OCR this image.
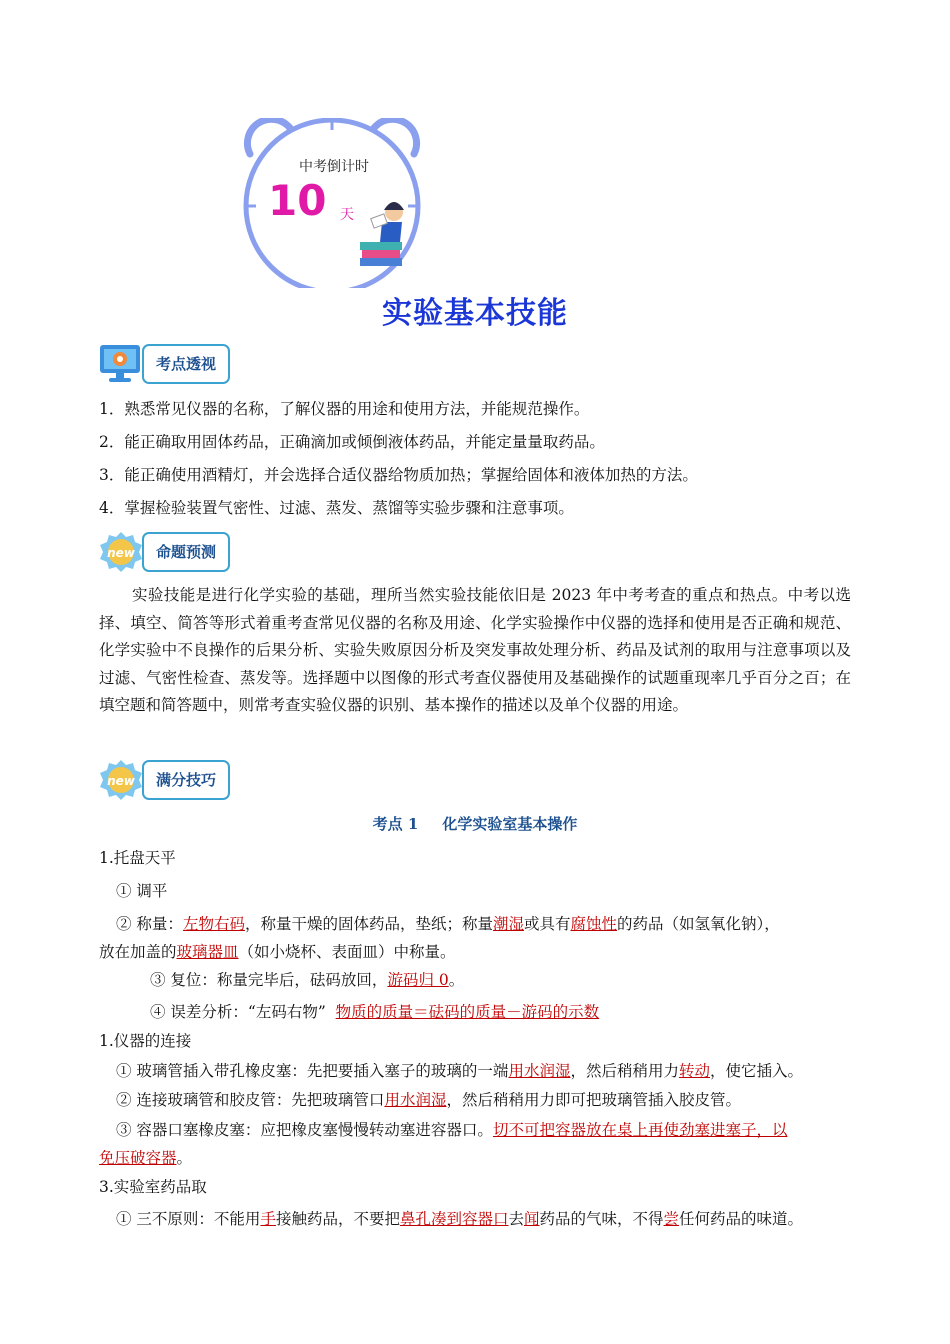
中考倒计时
10 天
实验基本技能
考点透视
1．熟悉常见仪器的名称，了解仪器的用途和使用方法，并能规范操作。
2．能正确取用固体药品，正确滴加或倾倒液体药品，并能定量量取药品。
3．能正确使用酒精灯，并会选择合适仪器给物质加热；掌握给固体和液体加热的方法。
4．掌握检验装置气密性、过滤、蒸发、蒸馏等实验步骤和注意事项。
new	命题预测
实验技能是进行化学实验的基础，理所当然实验技能依旧是 2023 年中考考查的重点和热点。中考以选择、填空、简答等形式着重考查常见仪器的名称及用途、化学实验操作中仪器的选择和使用是否正确和规范、化学实验中不良操作的后果分析、实验失败原因分析及突发事故处理分析、药品及试剂的取用与注意事项以及过滤、气密性检查、蒸发等。选择题中以图像的形式考查仪器使用及基础操作的试题重现率几乎百分之百；在填空题和简答题中，则常考查实验仪器的识别、基本操作的描述以及单个仪器的用途。
new	满分技巧
考点 1 化学实验室基本操作
1.托盘天平
① 调平
② 称量：左物右码，称量干燥的固体药品，垫纸；称量潮湿或具有腐蚀性的药品（如氢氧化钠），
放在加盖的玻璃器皿（如小烧杯、表面皿）中称量。
③ 复位：称量完毕后，砝码放回，游码归 0。
④ 误差分析：“左码右物” 物质的质量＝砝码的质量－游码的示数
1.仪器的连接
① 玻璃管插入带孔橡皮塞：先把要插入塞子的玻璃的一端用水润湿，然后稍稍用力转动，使它插入。
② 连接玻璃管和胶皮管：先把玻璃管口用水润湿，然后稍稍用力即可把玻璃管插入胶皮管。
③ 容器口塞橡皮塞：应把橡皮塞慢慢转动塞进容器口。切不可把容器放在桌上再使劲塞进塞子，以
免压破容器。
3.实验室药品取
① 三不原则：不能用手接触药品，不要把鼻孔凑到容器口去闻药品的气味，不得尝任何药品的味道。
